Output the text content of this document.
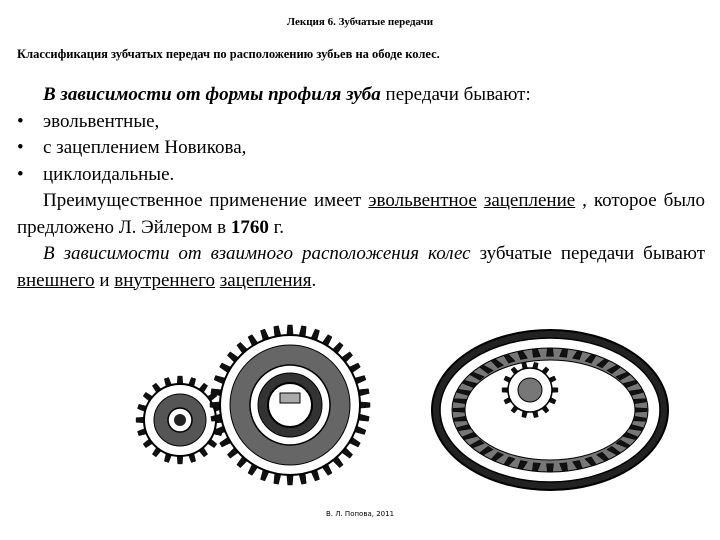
Лекция 6. Зубчатые передачи
Классификация зубчатых передач по расположению зубьев на ободе колес.

В зависимости от формы профиля зуба передачи бывают:

• эвольвентные,
• с зацеплением Новикова,
• циклоидальные.

Преимущественное применение имеет эвольвентное зацепление , которое было предложено Л. Эйлером в 1760 г.

В зависимости от взаимного расположения колес зубчатые передачи бывают внешнего и внутреннего зацепления.

В. Л. Попова, 2011
